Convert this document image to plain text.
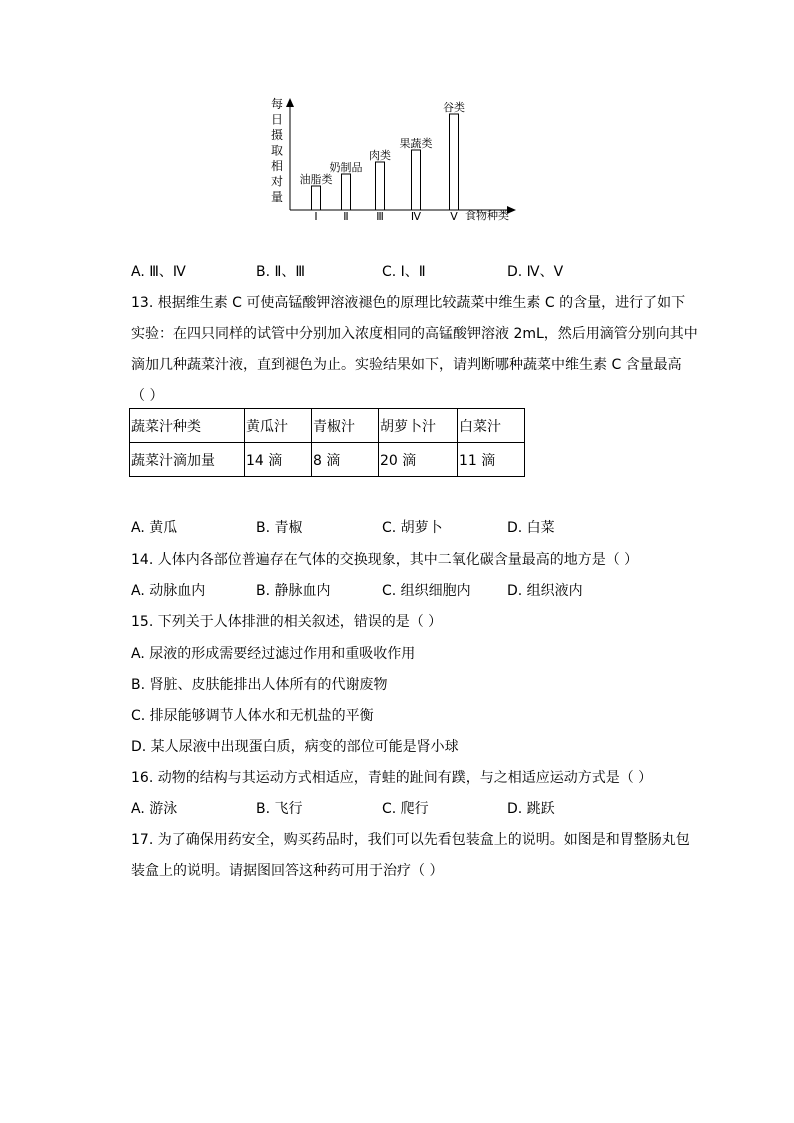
每
日
摄
取
相
对
量
油脂类
Ⅰ
奶制品
Ⅱ
肉类
Ⅲ
果蔬类
Ⅳ
谷类
Ⅴ 食物种类
A. Ⅲ、Ⅳ	B. Ⅱ、Ⅲ	C. Ⅰ、Ⅱ	D. Ⅳ、Ⅴ
13. 根据维生素 C 可使高锰酸钾溶液褪色的原理比较蔬菜中维生素 C 的含量，进行了如下
实验：在四只同样的试管中分别加入浓度相同的高锰酸钾溶液 2mL，然后用滴管分别向其中
滴加几种蔬菜汁液，直到褪色为止。实验结果如下，请判断哪种蔬菜中维生素 C 含量最高
（ ）
蔬菜汁种类	黄瓜汁	青椒汁	胡萝卜汁	白菜汁
蔬菜汁滴加量	14 滴	8 滴	20 滴	11 滴
A. 黄瓜	B. 青椒	C. 胡萝卜	D. 白菜
14. 人体内各部位普遍存在气体的交换现象，其中二氧化碳含量最高的地方是（ ）
A. 动脉血内	B. 静脉血内	C. 组织细胞内	D. 组织液内
15. 下列关于人体排泄的相关叙述，错误的是（ ）
A. 尿液的形成需要经过滤过作用和重吸收作用
B. 肾脏、皮肤能排出人体所有的代谢废物
C. 排尿能够调节人体水和无机盐的平衡
D. 某人尿液中出现蛋白质，病变的部位可能是肾小球
16. 动物的结构与其运动方式相适应，青蛙的趾间有蹼，与之相适应运动方式是（ ）
A. 游泳	B. 飞行	C. 爬行	D. 跳跃
17. 为了确保用药安全，购买药品时，我们可以先看包装盒上的说明。如图是和胃整肠丸包
装盒上的说明。请据图回答这种药可用于治疗（ ）
